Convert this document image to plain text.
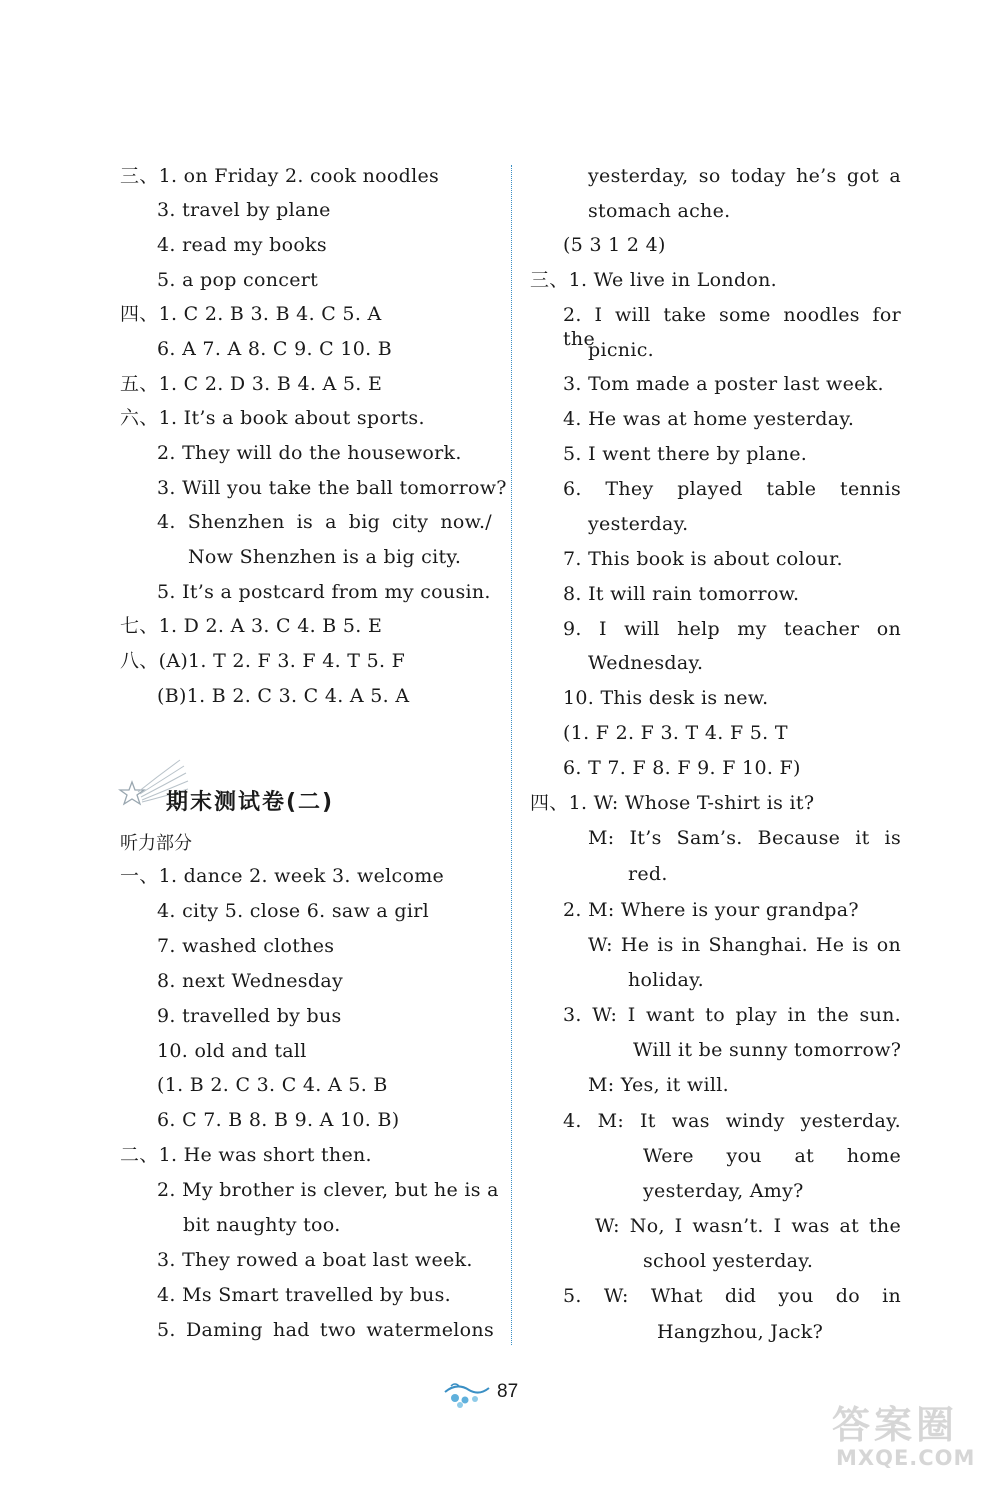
三、1. on Friday 2. cook noodles
3. travel by plane
4. read my books
5. a pop concert
四、1. C 2. B 3. B 4. C 5. A
6. A 7. A 8. C 9. C 10. B
五、1. C 2. D 3. B 4. A 5. E
六、1. It’s a book about sports.
2. They will do the housework.
3. Will you take the ball tomorrow?
4. Shenzhen is a big city now./
Now Shenzhen is a big city.
5. It’s a postcard from my cousin.
七、1. D 2. A 3. C 4. B 5. E
八、(A)1. T 2. F 3. F 4. T 5. F
(B)1. B 2. C 3. C 4. A 5. A
期末测试卷(二)
听力部分
一、1. dance 2. week 3. welcome
4. city 5. close 6. saw a girl
7. washed clothes
8. next Wednesday
9. travelled by bus
10. old and tall
(1. B 2. C 3. C 4. A 5. B
6. C 7. B 8. B 9. A 10. B)
二、1. He was short then.
2. My brother is clever, but he is a
bit naughty too.
3. They rowed a boat last week.
4. Ms Smart travelled by bus.
5. Daming had two watermelons
yesterday, so today he’s got a
stomach ache.
(5 3 1 2 4)
三、1. We live in London.
2. I will take some noodles for the
picnic.
3. Tom made a poster last week.
4. He was at home yesterday.
5. I went there by plane.
6. They played table tennis
yesterday.
7. This book is about colour.
8. It will rain tomorrow.
9. I will help my teacher on
Wednesday.
10. This desk is new.
(1. F 2. F 3. T 4. F 5. T
6. T 7. F 8. F 9. F 10. F)
四、1. W: Whose T-shirt is it?
M: It’s Sam’s. Because it is
red.
2. M: Where is your grandpa?
W: He is in Shanghai. He is on
holiday.
3. W: I want to play in the sun.
Will it be sunny tomorrow?
M: Yes, it will.
4. M: It was windy yesterday.
Were you at home
yesterday, Amy?
W: No, I wasn’t. I was at the
school yesterday.
5. W: What did you do in
Hangzhou, Jack?
87
答案圈
MXQE.COM
